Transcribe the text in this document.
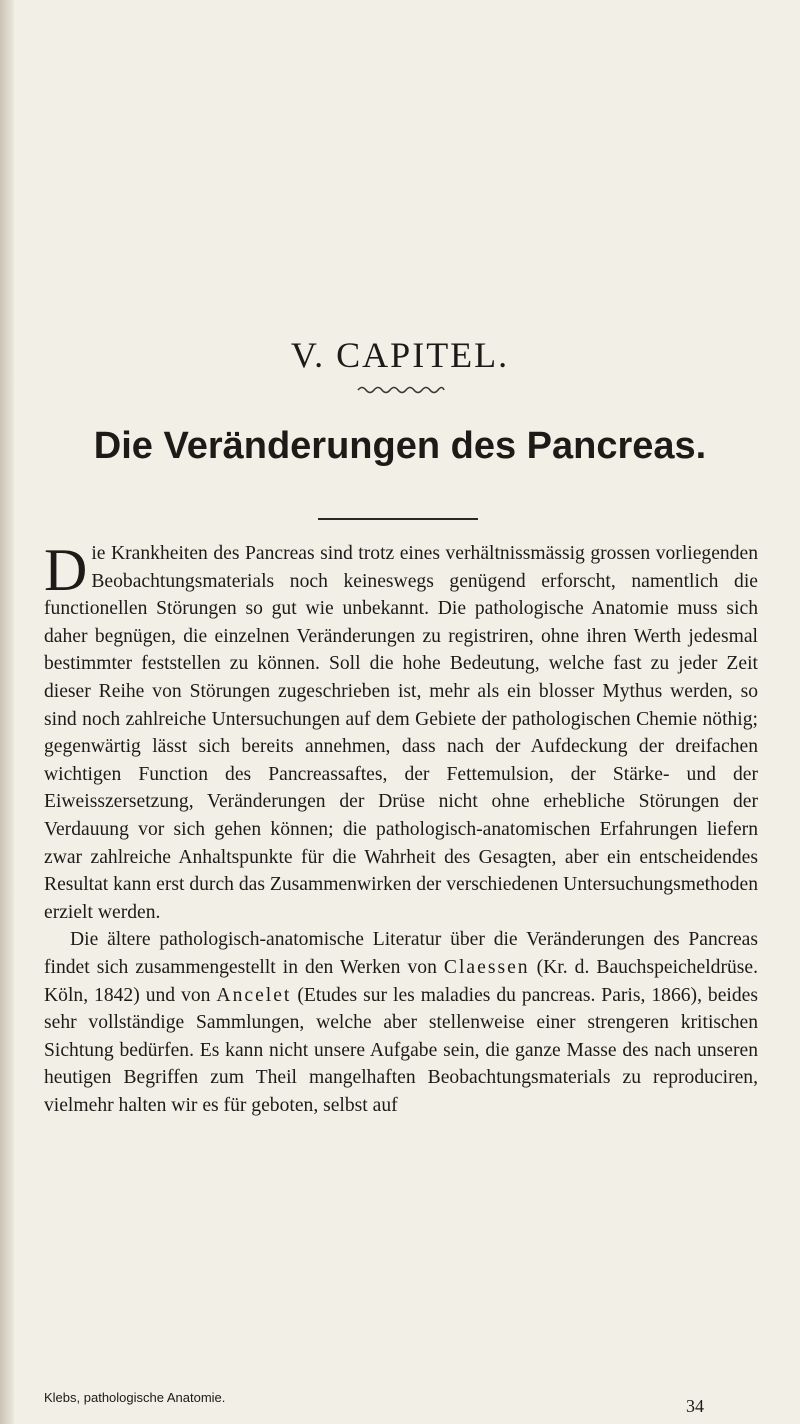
V. CAPITEL.
Die Veränderungen des Pancreas.

Die Krankheiten des Pancreas sind trotz eines verhältnissmässig grossen vorliegenden Beobachtungsmaterials noch keineswegs genügend erforscht, namentlich die functionellen Störungen so gut wie unbekannt. Die pathologische Anatomie muss sich daher begnügen, die einzelnen Veränderungen zu registriren, ohne ihren Werth jedesmal bestimmter feststellen zu können. Soll die hohe Bedeutung, welche fast zu jeder Zeit dieser Reihe von Störungen zugeschrieben ist, mehr als ein blosser Mythus werden, so sind noch zahlreiche Untersuchungen auf dem Gebiete der pathologischen Chemie nöthig; gegenwärtig lässt sich bereits annehmen, dass nach der Aufdeckung der dreifachen wichtigen Function des Pancreassaftes, der Fettemulsion, der Stärke- und der Eiweisszersetzung, Veränderungen der Drüse nicht ohne erhebliche Störungen der Verdauung vor sich gehen können; die pathologisch-anatomischen Erfahrungen liefern zwar zahlreiche Anhaltspunkte für die Wahrheit des Gesagten, aber ein entscheidendes Resultat kann erst durch das Zusammenwirken der verschiedenen Untersuchungsmethoden erzielt werden.

Die ältere pathologisch-anatomische Literatur über die Veränderungen des Pancreas findet sich zusammengestellt in den Werken von Claessen (Kr. d. Bauchspeicheldrüse. Köln, 1842) und von Ancelet (Etudes sur les maladies du pancreas. Paris, 1866), beides sehr vollständige Sammlungen, welche aber stellenweise einer strengeren kritischen Sichtung bedürfen. Es kann nicht unsere Aufgabe sein, die ganze Masse des nach unseren heutigen Begriffen zum Theil mangelhaften Beobachtungsmaterials zu reproduciren, vielmehr halten wir es für geboten, selbst auf

Klebs, pathologische Anatomie.	34
